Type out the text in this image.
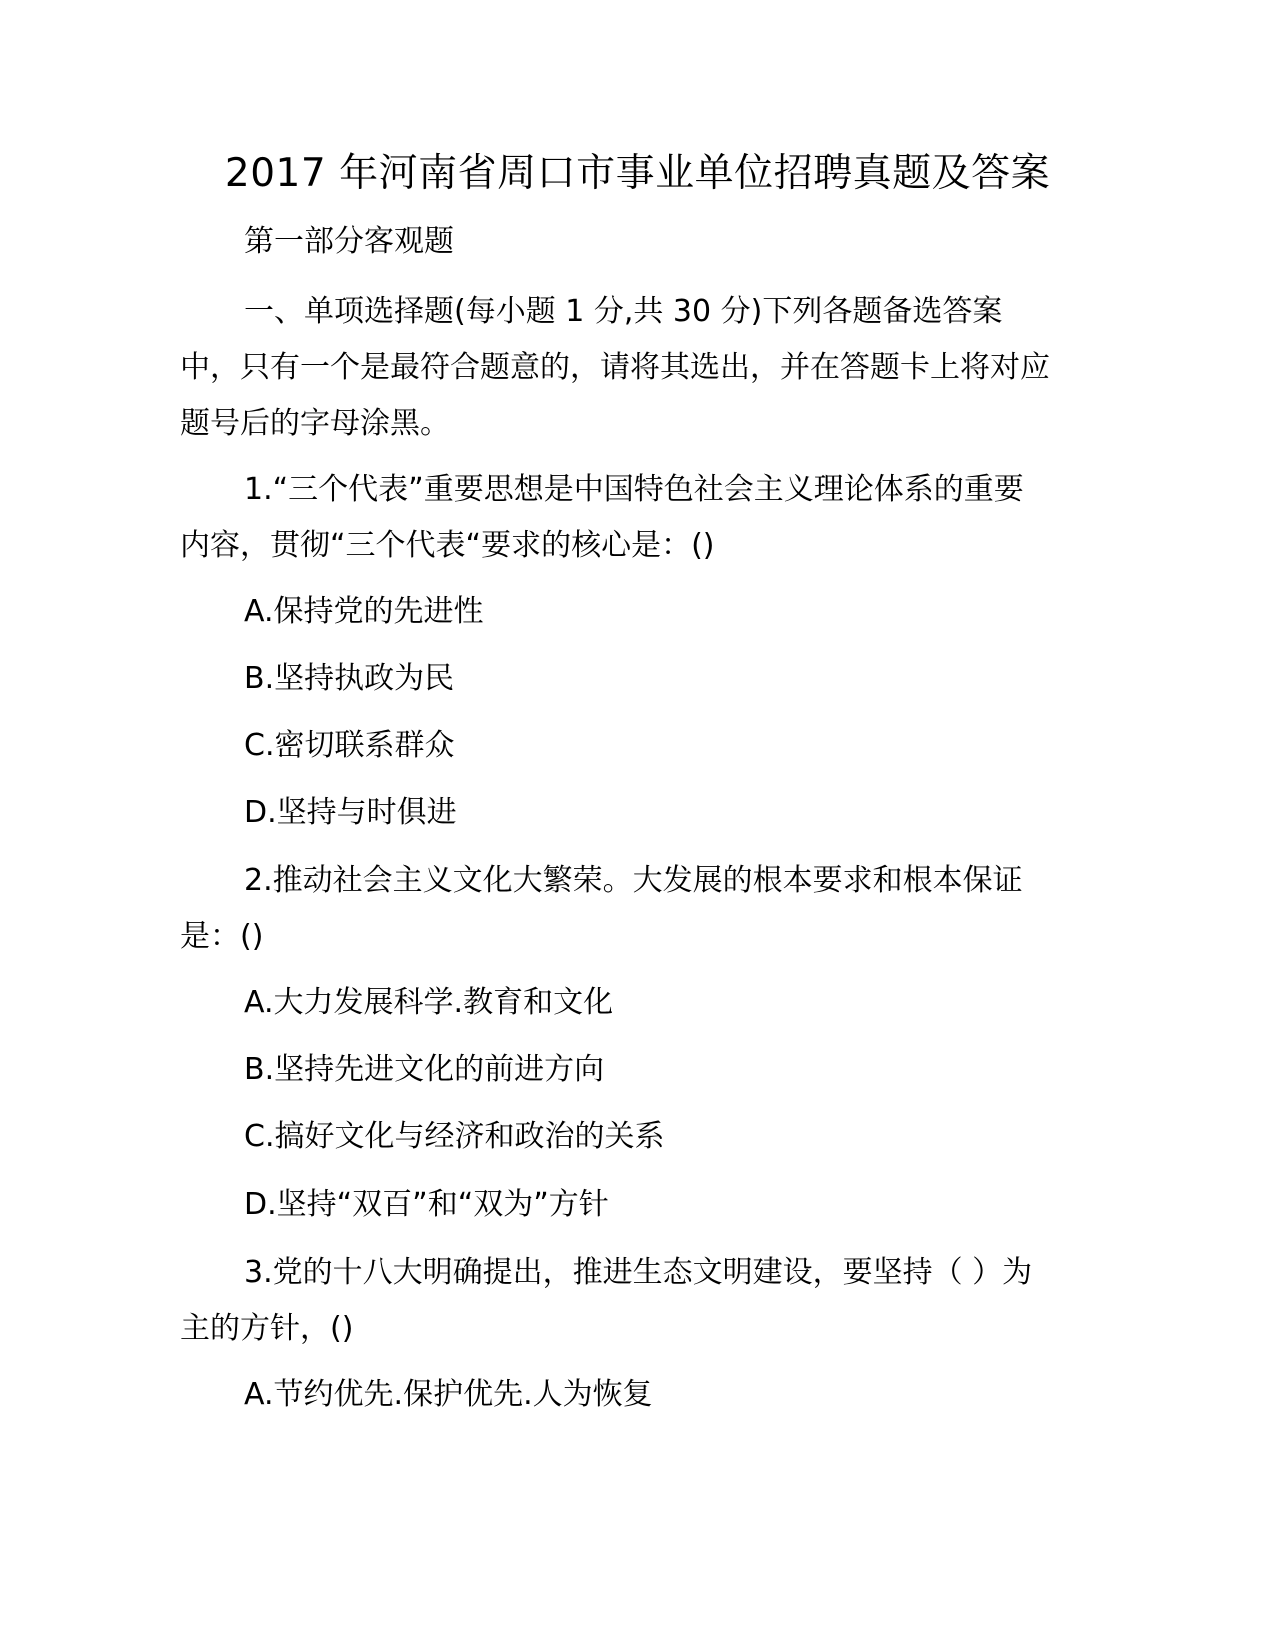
2017 年河南省周口市事业单位招聘真题及答案
第一部分客观题
一、单项选择题(每小题 1 分,共 30 分)下列各题备选答案中，只有一个是最符合题意的，请将其选出，并在答题卡上将对应题号后的字母涂黑。
1.“三个代表”重要思想是中国特色社会主义理论体系的重要内容，贯彻“三个代表“要求的核心是：()
A.保持党的先进性
B.坚持执政为民
C.密切联系群众
D.坚持与时俱进
2.推动社会主义文化大繁荣。大发展的根本要求和根本保证是：()
A.大力发展科学.教育和文化
B.坚持先进文化的前进方向
C.搞好文化与经济和政治的关系
D.坚持“双百”和“双为”方针
3.党的十八大明确提出，推进生态文明建设，要坚持（ ）为主的方针，()
A.节约优先.保护优先.人为恢复
